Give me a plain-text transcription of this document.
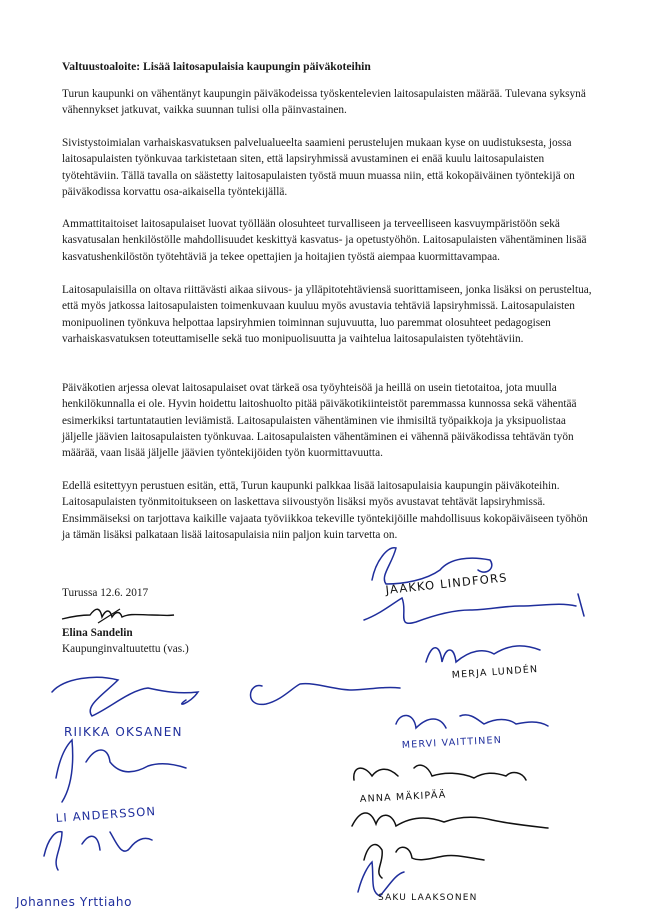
Valtuustoaloite: Lisää laitosapulaisia kaupungin päiväkoteihin

Turun kaupunki on vähentänyt kaupungin päiväkodeissa työskentelevien laitosapulaisten määrää. Tulevana syksynä vähennykset jatkuvat, vaikka suunnan tulisi olla päinvastainen.

Sivistystoimialan varhaiskasvatuksen palvelualueelta saamieni perustelujen mukaan kyse on uudistuksesta, jossa laitosapulaisten työnkuvaa tarkistetaan siten, että lapsiryhmissä avustaminen ei enää kuulu laitosapulaisten työtehtäviin. Tällä tavalla on säästetty laitosapulaisten työstä muun muassa niin, että kokopäiväinen työntekijä on päiväkodissa korvattu osa-aikaisella työntekijällä.

Ammattitaitoiset laitosapulaiset luovat työllään olosuhteet turvalliseen ja terveelliseen kasvuympäristöön sekä kasvatusalan henkilöstölle mahdollisuudet keskittyä kasvatus- ja opetustyöhön. Laitosapulaisten vähentäminen lisää kasvatushenkilöstön työtehtäviä ja tekee opettajien ja hoitajien työstä aiempaa kuormittavampaa.

Laitosapulaisilla on oltava riittävästi aikaa siivous- ja ylläpitotehtäviensä suorittamiseen, jonka lisäksi on perusteltua, että myös jatkossa laitosapulaisten toimenkuvaan kuuluu myös avustavia tehtäviä lapsiryhmissä. Laitosapulaisten monipuolinen työnkuva helpottaa lapsiryhmien toiminnan sujuvuutta, luo paremmat olosuhteet pedagogisen varhaiskasvatuksen toteuttamiselle sekä tuo monipuolisuutta ja vaihtelua laitosapulaisten työtehtäviin.

Päiväkotien arjessa olevat laitosapulaiset ovat tärkeä osa työyhteisöä ja heillä on usein tietotaitoa, jota muulla henkilökunnalla ei ole. Hyvin hoidettu laitoshuolto pitää päiväkotikiinteistöt paremmassa kunnossa sekä vähentää esimerkiksi tartuntatautien leviämistä. Laitosapulaisten vähentäminen vie ihmisiltä työpaikkoja ja yksipuolistaa jäljelle jäävien laitosapulaisten työnkuvaa. Laitosapulaisten vähentäminen ei vähennä päiväkodissa tehtävän työn määrää, vaan lisää jäljelle jäävien työntekijöiden työn kuormittavuutta.

Edellä esitettyyn perustuen esitän, että, Turun kaupunki palkkaa lisää laitosapulaisia kaupungin päiväkoteihin. Laitosapulaisten työnmitoitukseen on laskettava siivoustyön lisäksi myös avustavat tehtävät lapsiryhmissä. Ensimmäiseksi on tarjottava kaikille vajaata työviikkoa tekeville työntekijöille mahdollisuus kokopäiväiseen työhön ja tämän lisäksi palkataan lisää laitosapulaisia niin paljon kuin tarvetta on.

Turussa 12.6. 2017

Elina Sandelin

Kaupunginvaltuutettu (vas.)

JAAKKO LINDFORS
MERJA LUNDÉN
RIIKKA OKSANEN
MERVI VAITTINEN
LI ANDERSSON
ANNA MÄKIPÄÄ
Johannes Yrttiaho	SAKU LAAKSONEN
